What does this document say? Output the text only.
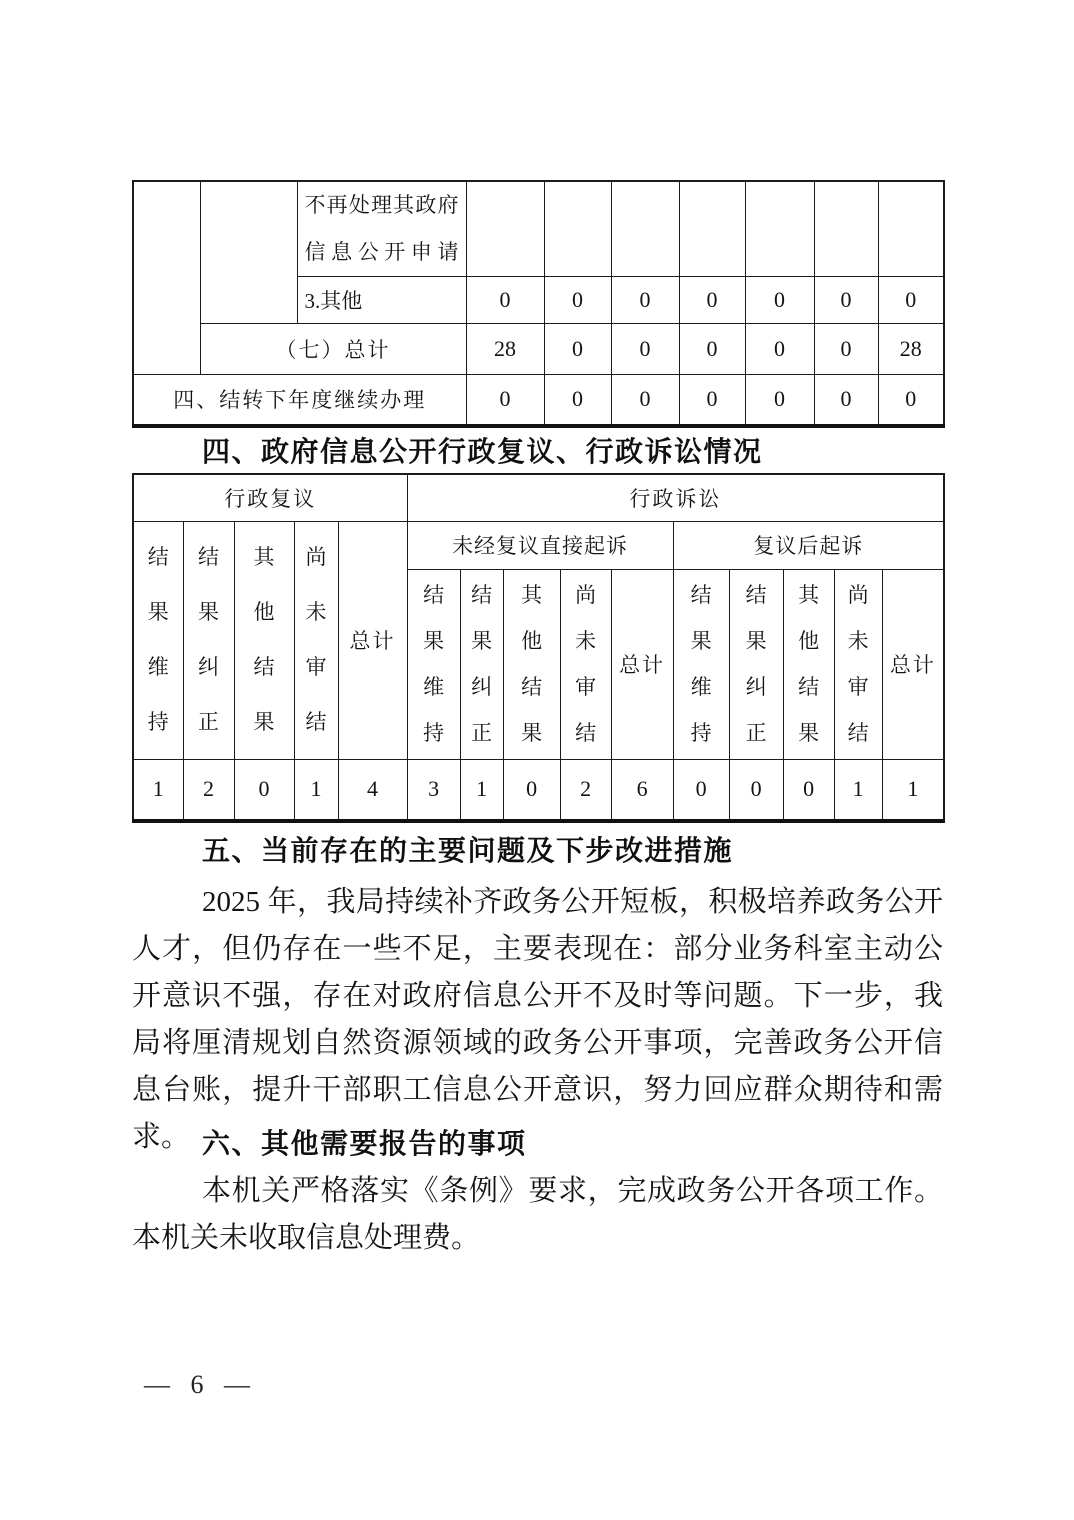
		不再处理其政府信息公开申请							

		3.其他	0	0	0	0	0	0	0
	（七）总计		28	0	0	0	0	0	28
四、结转下年度继续办理			0	0	0	0	0	0	0
四、政府信息公开行政复议、行政诉讼情况
行政复议					行政诉讼									

结果维持	结果纠正	其他结果	尚未审结	总计	未经复议直接起诉					复议后起诉				

					结果维持	结果纠正	其他结果	尚未审结	总计	结果维持	结果纠正	其他结果	尚未审结	总计
1	2	0	1	4	3	1	0	2	6	0	0	0	1	1
五、当前存在的主要问题及下步改进措施
2025 年，我局持续补齐政务公开短板，积极培养政务公开人才，但仍存在一些不足，主要表现在：部分业务科室主动公开意识不强，存在对政府信息公开不及时等问题。下一步，我局将厘清规划自然资源领域的政务公开事项，完善政务公开信息台账，提升干部职工信息公开意识，努力回应群众期待和需求。 六、其他需要报告的事项
本机关严格落实《条例》要求，完成政务公开各项工作。本机关未收取信息处理费。
— 6 —
